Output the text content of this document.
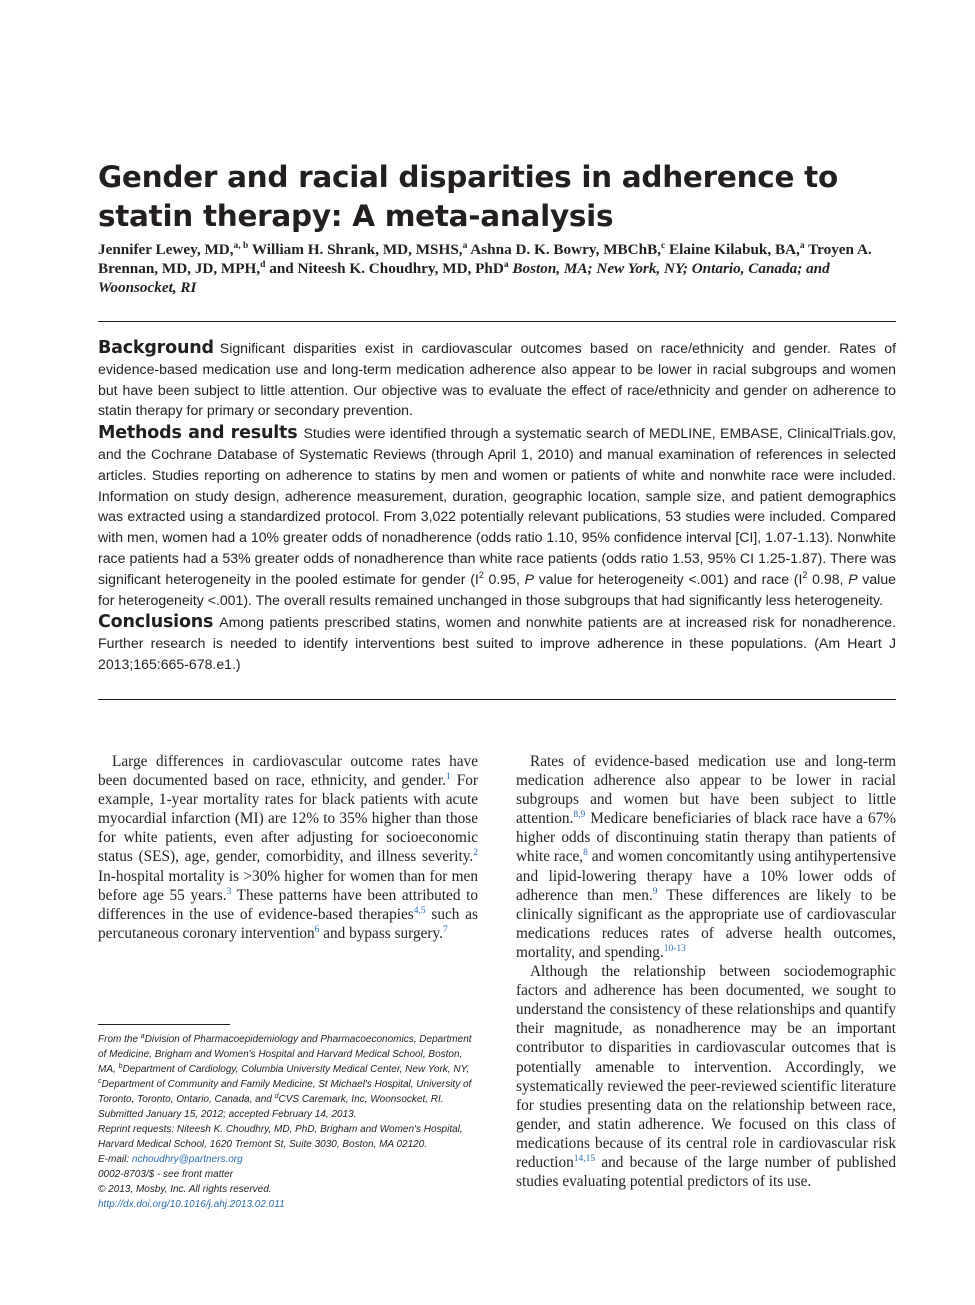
Gender and racial disparities in adherence to statin therapy: A meta-analysis
Jennifer Lewey, MD,$^{a, b}$ William H. Shrank, MD, MSHS,$^a$ Ashna D. K. Bowry, MBChB,$^c$ Elaine Kilabuk, BA,$^a$ Troyen A. Brennan, MD, JD, MPH,$^d$ and Niteesh K. Choudhry, MD, PhD$^a$ Boston, MA; New York, NY; Ontario, Canada; and Woonsocket, RI

Background Significant disparities exist in cardiovascular outcomes based on race/ethnicity and gender. Rates of evidence-based medication use and long-term medication adherence also appear to be lower in racial subgroups and women but have been subject to little attention. Our objective was to evaluate the effect of race/ethnicity and gender on adherence to statin therapy for primary or secondary prevention.

Methods and results Studies were identified through a systematic search of MEDLINE, EMBASE, ClinicalTrials.gov, and the Cochrane Database of Systematic Reviews (through April 1, 2010) and manual examination of references in selected articles. Studies reporting on adherence to statins by men and women or patients of white and nonwhite race were included. Information on study design, adherence measurement, duration, geographic location, sample size, and patient demographics was extracted using a standardized protocol. From 3,022 potentially relevant publications, 53 studies were included. Compared with men, women had a 10% greater odds of nonadherence (odds ratio 1.10, 95% confidence interval [CI], 1.07-1.13). Nonwhite race patients had a 53% greater odds of nonadherence than white race patients (odds ratio 1.53, 95% CI 1.25-1.87). There was significant heterogeneity in the pooled estimate for gender ($I^2$ 0.95, P value for heterogeneity <.001) and race ($I^2$ 0.98, P value for heterogeneity <.001). The overall results remained unchanged in those subgroups that had significantly less heterogeneity.

Conclusions Among patients prescribed statins, women and nonwhite patients are at increased risk for nonadherence. Further research is needed to identify interventions best suited to improve adherence in these populations. (Am Heart J 2013;165:665-678.e1.)

Large differences in cardiovascular outcome rates have been documented based on race, ethnicity, and gender.$^1$ For example, 1-year mortality rates for black patients with acute myocardial infarction (MI) are 12% to 35% higher than those for white patients, even after adjusting for socioeconomic status (SES), age, gender, comorbidity, and illness severity.$^2$ In-hospital mortality is >30% higher for women than for men before age 55 years.$^3$ These patterns have been attributed to differences in the use of evidence-based therapies$^{4,5}$ such as percutaneous coronary intervention$^6$ and bypass surgery.$^7$

Rates of evidence-based medication use and long-term medication adherence also appear to be lower in racial subgroups and women but have been subject to little attention.$^{8,9}$ Medicare beneficiaries of black race have a 67% higher odds of discontinuing statin therapy than patients of white race,$^8$ and women concomitantly using antihypertensive and lipid-lowering therapy have a 10% lower odds of adherence than men.$^9$ These differences are likely to be clinically significant as the appropriate use of cardiovascular medications reduces rates of adverse health outcomes, mortality, and spending.$^{10-13}$

Although the relationship between sociodemographic factors and adherence has been documented, we sought to understand the consistency of these relationships and quantify their magnitude, as nonadherence may be an important contributor to disparities in cardiovascular outcomes that is potentially amenable to intervention. Accordingly, we systematically reviewed the peer-reviewed scientific literature for studies presenting data on the relationship between race, gender, and statin adherence. We focused on this class of medications because of its central role in cardiovascular risk reduction$^{14,15}$ and because of the large number of published studies evaluating potential predictors of its use.

From the $^a$Division of Pharmacoepidemiology and Pharmacoeconomics, Department of Medicine, Brigham and Women's Hospital and Harvard Medical School, Boston, MA, $^b$Department of Cardiology, Columbia University Medical Center, New York, NY, $^c$Department of Community and Family Medicine, St Michael's Hospital, University of Toronto, Toronto, Ontario, Canada, and $^d$CVS Caremark, Inc, Woonsocket, RI.
Submitted January 15, 2012; accepted February 14, 2013.
Reprint requests: Niteesh K. Choudhry, MD, PhD, Brigham and Women's Hospital, Harvard Medical School, 1620 Tremont St, Suite 3030, Boston, MA 02120.
E-mail: nchoudhry@partners.org
0002-8703/$ - see front matter
© 2013, Mosby, Inc. All rights reserved.
http://dx.doi.org/10.1016/j.ahj.2013.02.011
